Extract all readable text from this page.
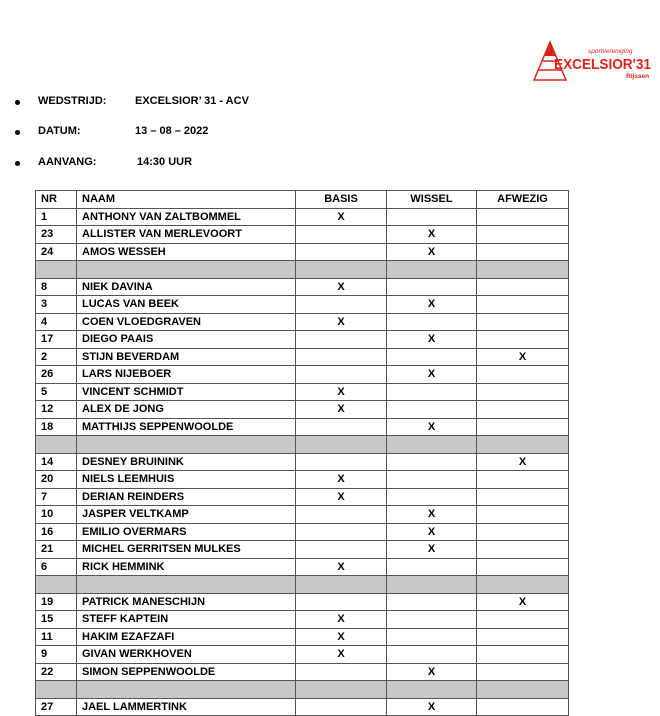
sportvereniging
EXCELSIOR'31
Rijssen
WEDSTRIJD:	EXCELSIOR’ 31 - ACV
DATUM:	13 – 08 – 2022
AANVANG:	14:30 UUR
NR	NAAM	BASIS	WISSEL	AFWEZIG
1	ANTHONY VAN ZALTBOMMEL	X		
23	ALLISTER VAN MERLEVOORT		X	
24	AMOS WESSEH		X	

8	NIEK DAVINA	X		
3	LUCAS VAN BEEK		X	
4	COEN VLOEDGRAVEN	X		
17	DIEGO PAAIS		X	
2	STIJN BEVERDAM			X
26	LARS NIJEBOER		X	
5	VINCENT SCHMIDT	X		
12	ALEX DE JONG	X		
18	MATTHIJS SEPPENWOOLDE		X	

14	DESNEY BRUININK			X
20	NIELS LEEMHUIS	X		
7	DERIAN REINDERS	X		
10	JASPER VELTKAMP		X	
16	EMILIO OVERMARS		X	
21	MICHEL GERRITSEN MULKES		X	
6	RICK HEMMINK	X		

19	PATRICK MANESCHIJN			X
15	STEFF KAPTEIN	X		
11	HAKIM EZAFZAFI	X		
9	GIVAN WERKHOVEN	X		
22	SIMON SEPPENWOOLDE		X	

27	JAEL LAMMERTINK		X	
